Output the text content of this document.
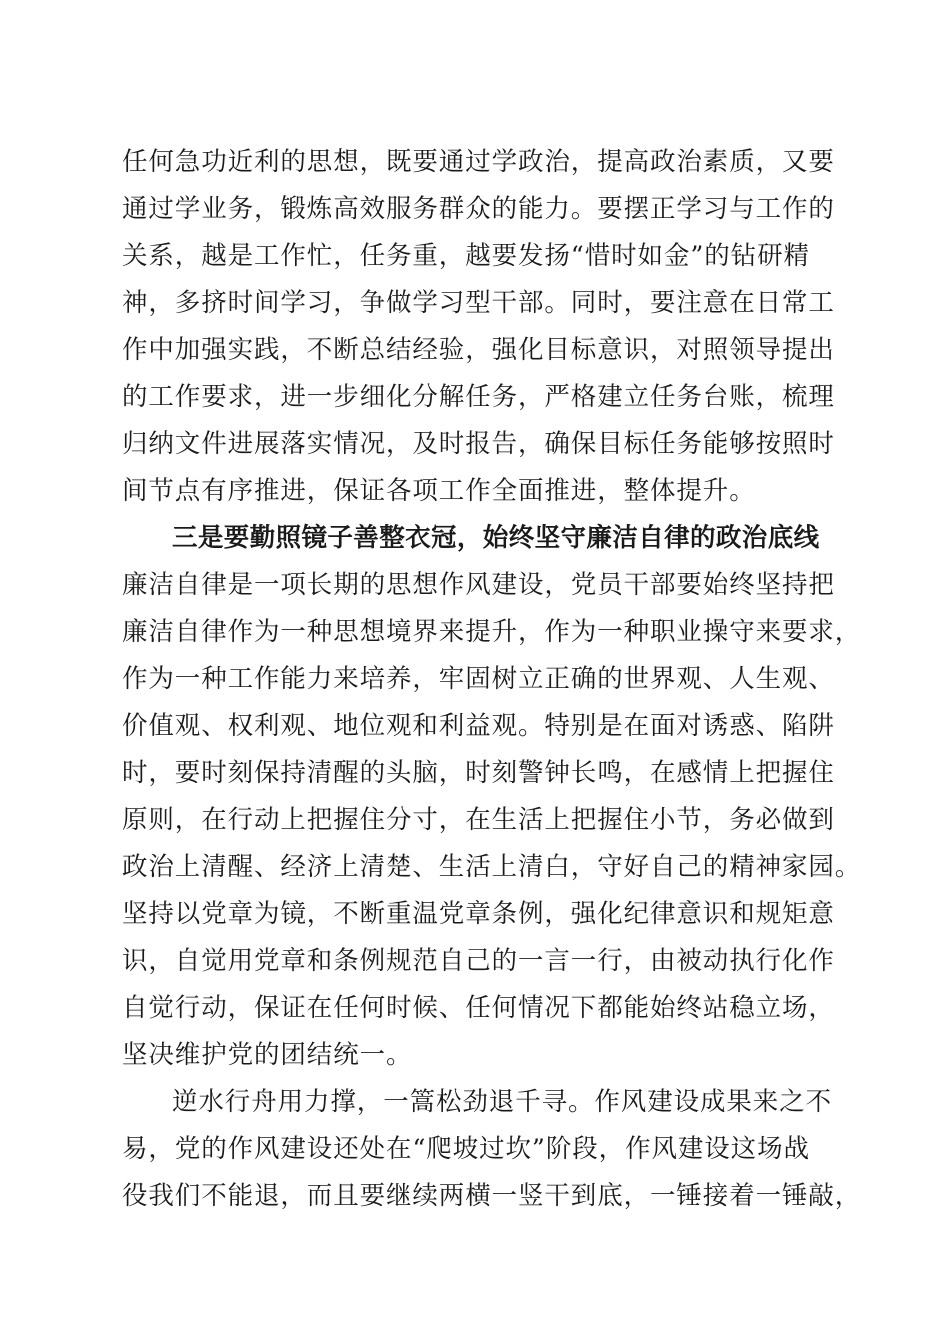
任何急功近利的思想，既要通过学政治，提高政治素质，又要
通过学业务，锻炼高效服务群众的能力。要摆正学习与工作的
关系，越是工作忙，任务重，越要发扬“惜时如金”的钻研精
神，多挤时间学习，争做学习型干部。同时，要注意在日常工
作中加强实践，不断总结经验，强化目标意识，对照领导提出
的工作要求，进一步细化分解任务，严格建立任务台账，梳理
归纳文件进展落实情况，及时报告，确保目标任务能够按照时
间节点有序推进，保证各项工作全面推进，整体提升。
三是要勤照镜子善整衣冠，始终坚守廉洁自律的政治底线
廉洁自律是一项长期的思想作风建设，党员干部要始终坚持把
廉洁自律作为一种思想境界来提升，作为一种职业操守来要求，
作为一种工作能力来培养，牢固树立正确的世界观、人生观、
价值观、权利观、地位观和利益观。特别是在面对诱惑、陷阱
时，要时刻保持清醒的头脑，时刻警钟长鸣，在感情上把握住
原则，在行动上把握住分寸，在生活上把握住小节，务必做到
政治上清醒、经济上清楚、生活上清白，守好自己的精神家园。
坚持以党章为镜，不断重温党章条例，强化纪律意识和规矩意
识，自觉用党章和条例规范自己的一言一行，由被动执行化作
自觉行动，保证在任何时候、任何情况下都能始终站稳立场，
坚决维护党的团结统一。
逆水行舟用力撑，一篙松劲退千寻。作风建设成果来之不
易，党的作风建设还处在“爬坡过坎”阶段，作风建设这场战
役我们不能退，而且要继续两横一竖干到底，一锤接着一锤敲，
